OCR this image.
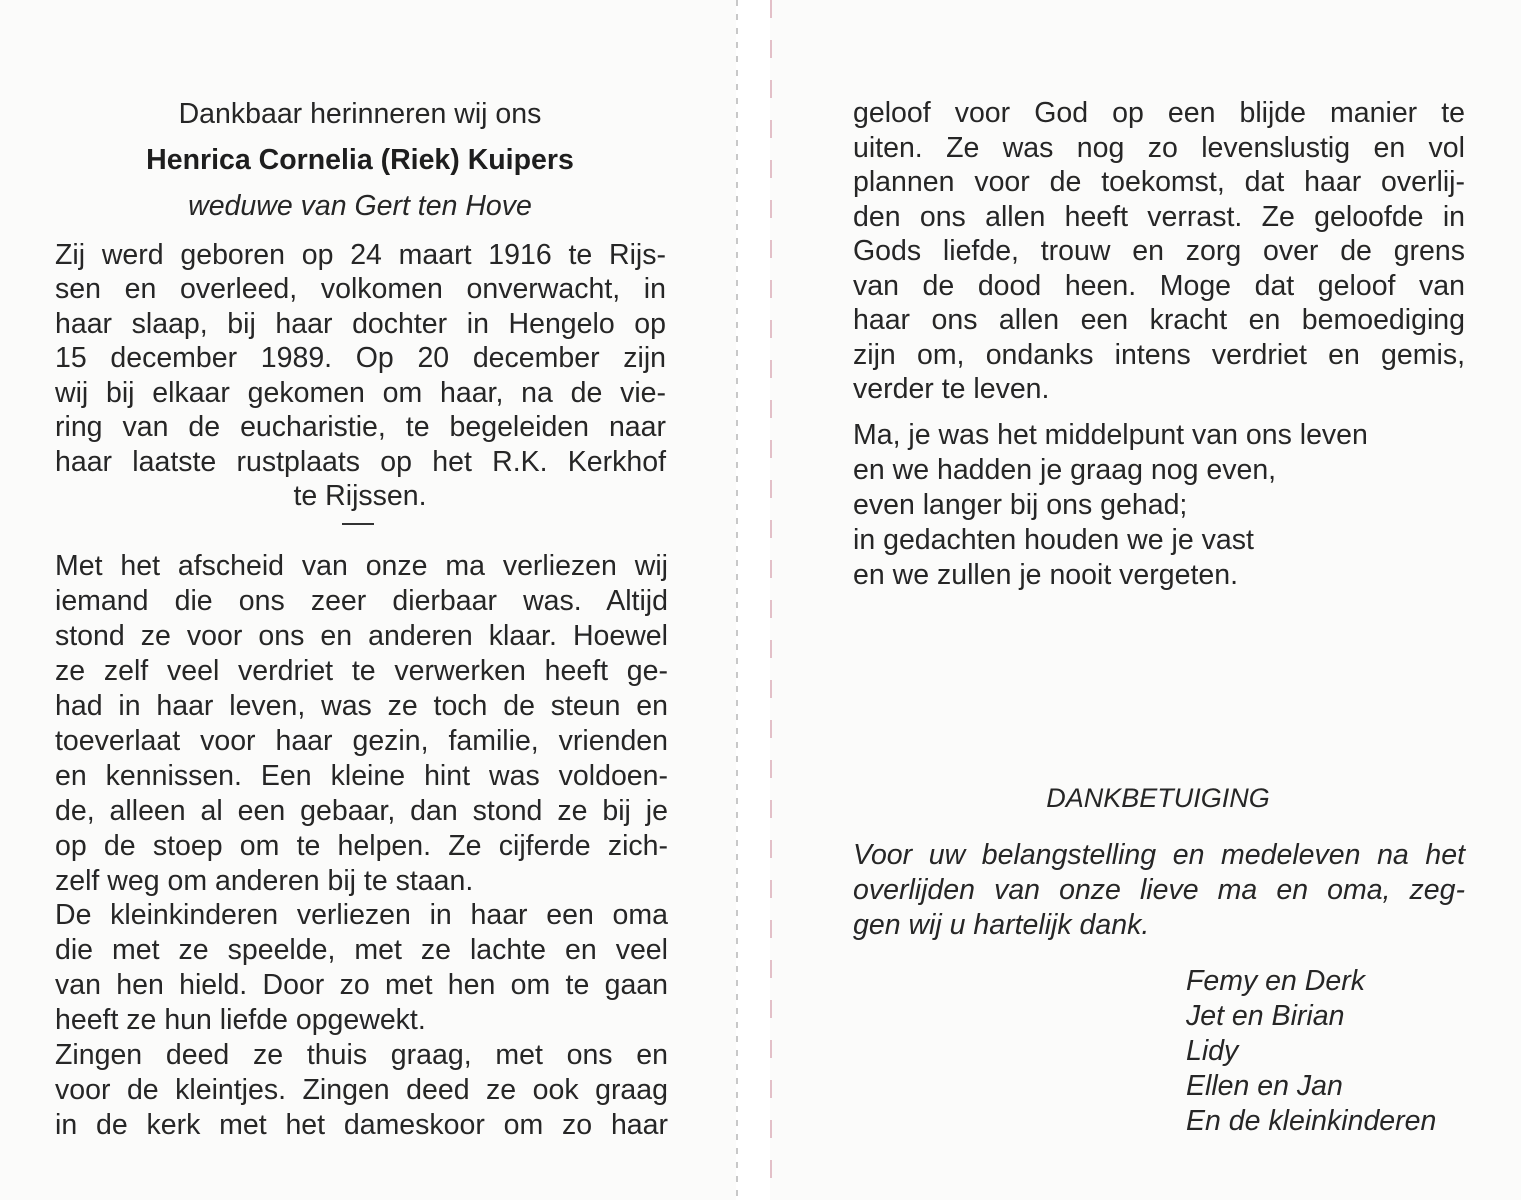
Dankbaar herinneren wij ons
Henrica Cornelia (Riek) Kuipers
weduwe van Gert ten Hove
Zij werd geboren op 24 maart 1916 te Rijs-
sen en overleed, volkomen onverwacht, in
haar slaap, bij haar dochter in Hengelo op
15 december 1989. Op 20 december zijn
wij bij elkaar gekomen om haar, na de vie-
ring van de eucharistie, te begeleiden naar
haar laatste rustplaats op het R.K. Kerkhof
te Rijssen.
Met het afscheid van onze ma verliezen wij
iemand die ons zeer dierbaar was. Altijd
stond ze voor ons en anderen klaar. Hoewel
ze zelf veel verdriet te verwerken heeft ge-
had in haar leven, was ze toch de steun en
toeverlaat voor haar gezin, familie, vrienden
en kennissen. Een kleine hint was voldoen-
de, alleen al een gebaar, dan stond ze bij je
op de stoep om te helpen. Ze cijferde zich-
zelf weg om anderen bij te staan.
De kleinkinderen verliezen in haar een oma
die met ze speelde, met ze lachte en veel
van hen hield. Door zo met hen om te gaan
heeft ze hun liefde opgewekt.
Zingen deed ze thuis graag, met ons en
voor de kleintjes. Zingen deed ze ook graag
in de kerk met het dameskoor om zo haar
geloof voor God op een blijde manier te
uiten. Ze was nog zo levenslustig en vol
plannen voor de toekomst, dat haar overlij-
den ons allen heeft verrast. Ze geloofde in
Gods liefde, trouw en zorg over de grens
van de dood heen. Moge dat geloof van
haar ons allen een kracht en bemoediging
zijn om, ondanks intens verdriet en gemis,
verder te leven.
Ma, je was het middelpunt van ons leven
en we hadden je graag nog even,
even langer bij ons gehad;
in gedachten houden we je vast
en we zullen je nooit vergeten.
DANKBETUIGING
Voor uw belangstelling en medeleven na het
overlijden van onze lieve ma en oma, zeg-
gen wij u hartelijk dank.
Femy en Derk
Jet en Birian
Lidy
Ellen en Jan
En de kleinkinderen
